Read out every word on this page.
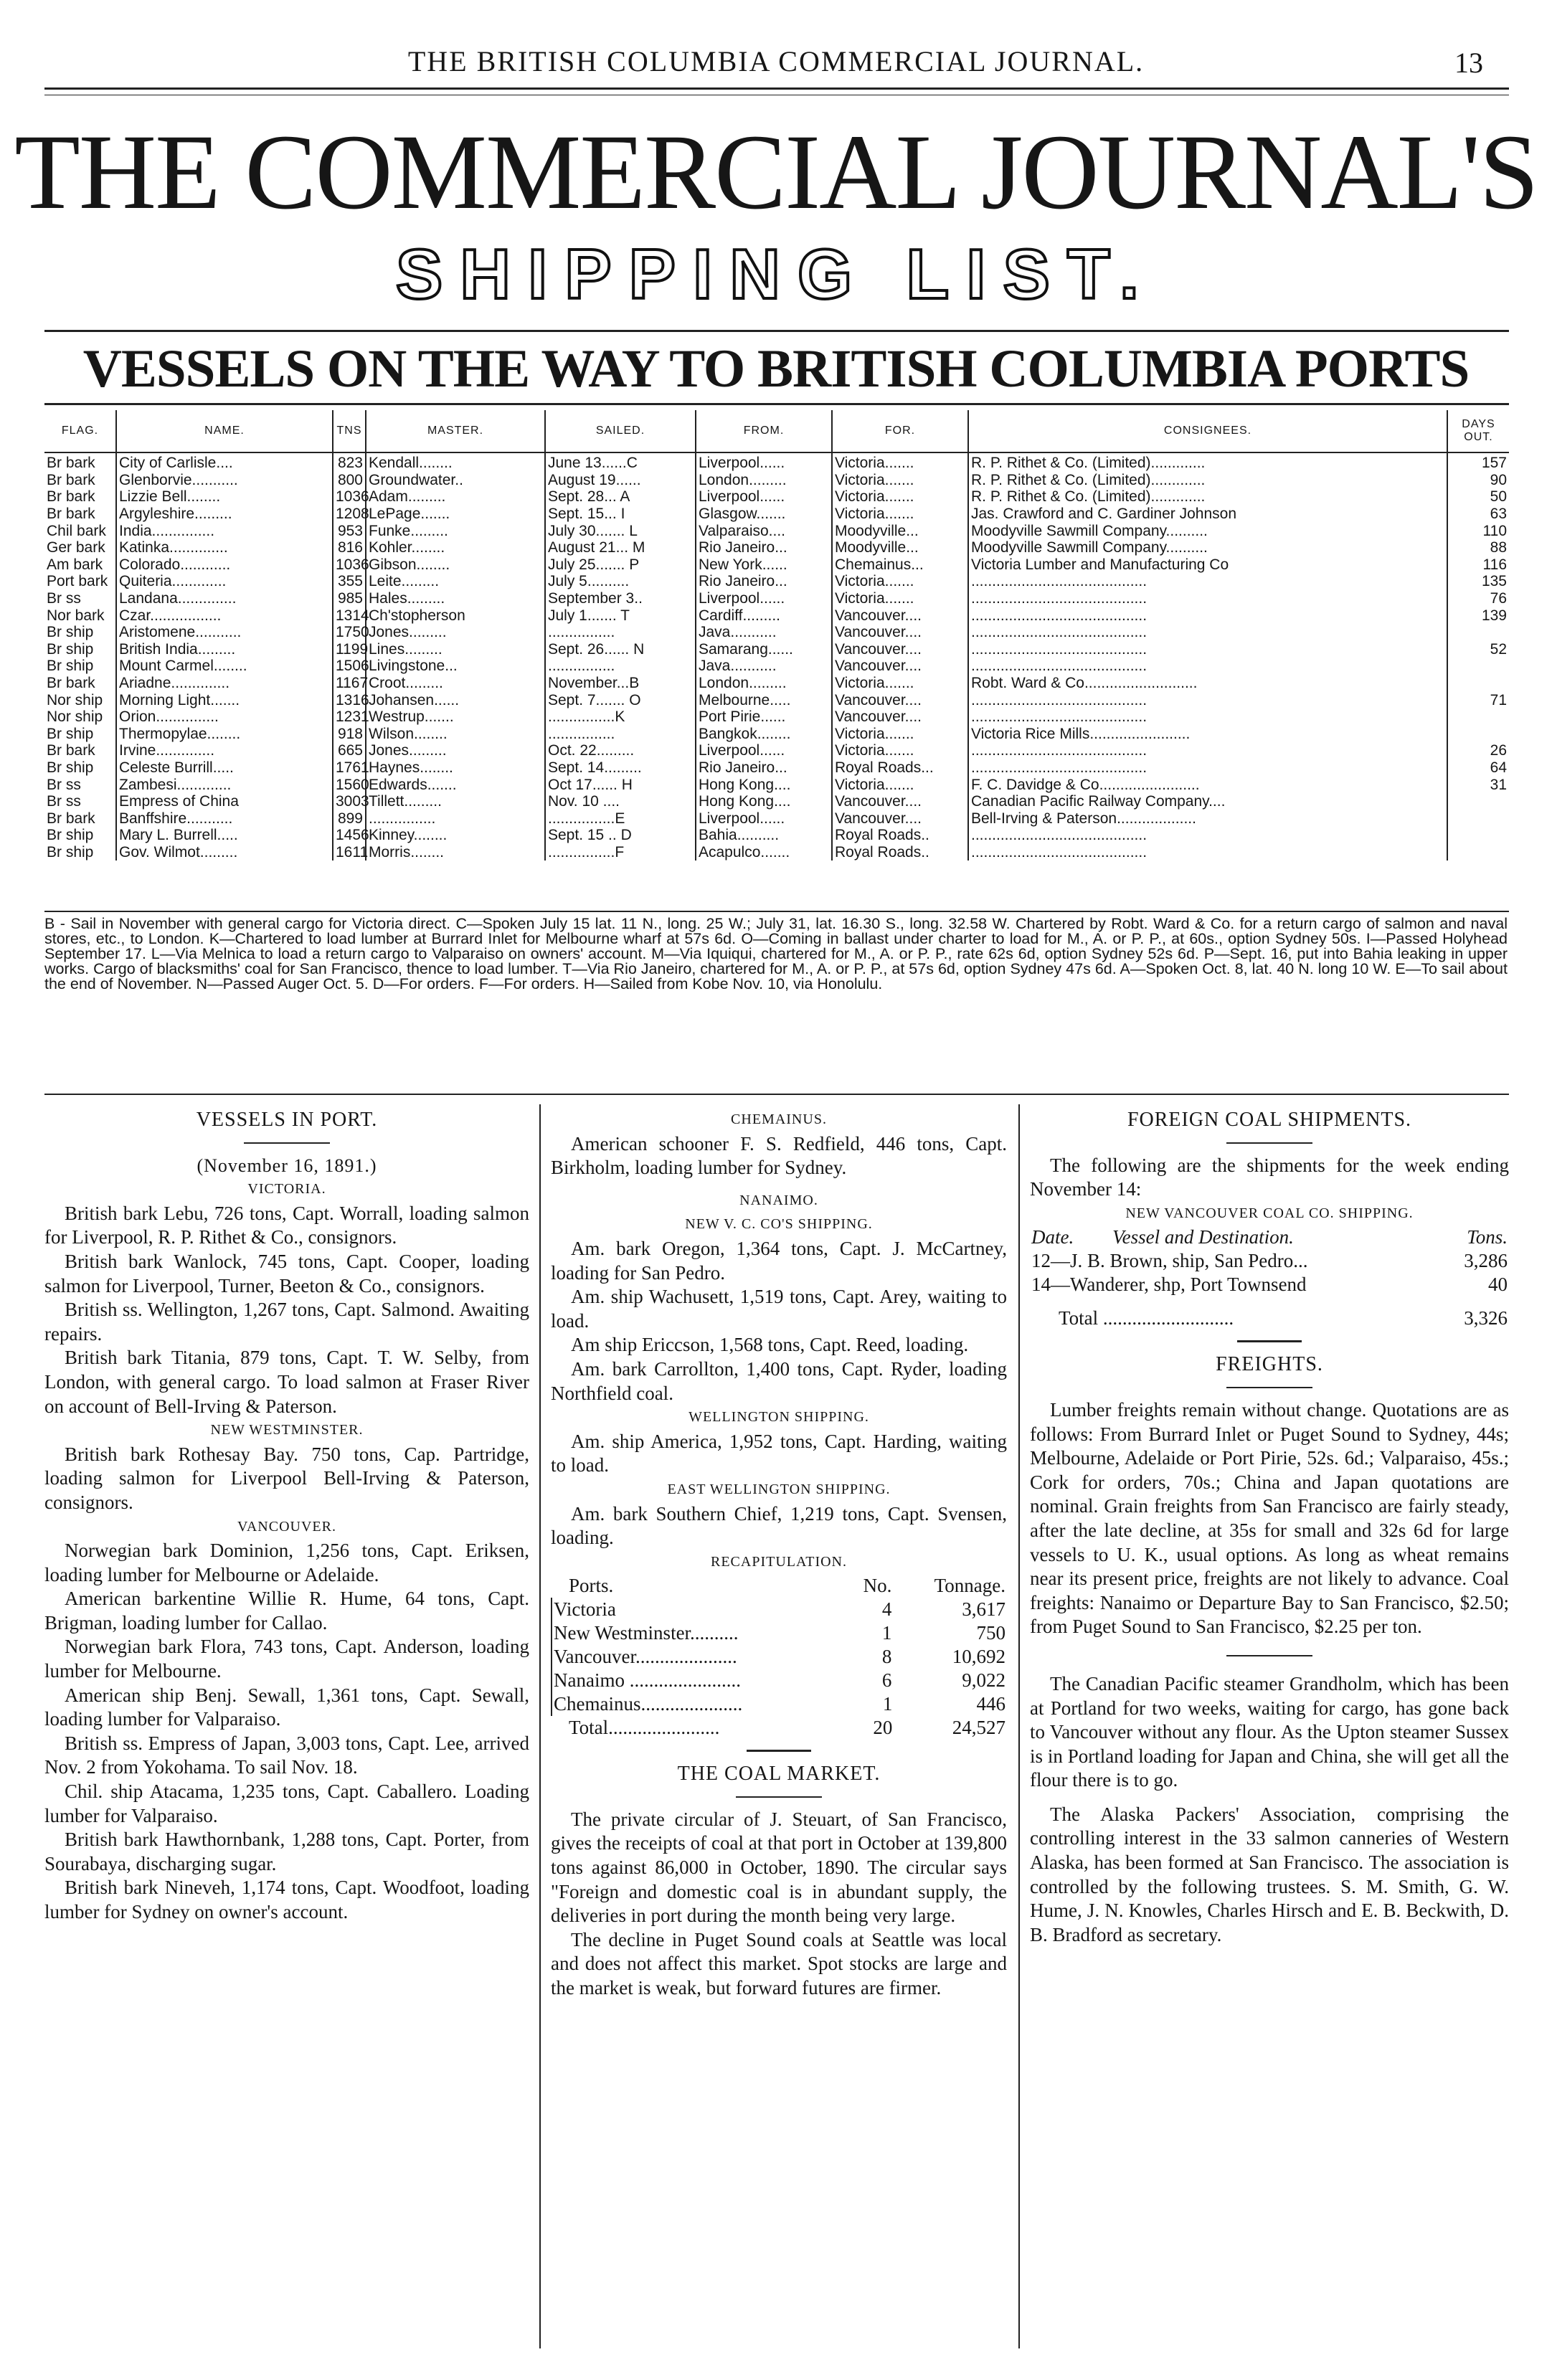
THE BRITISH COLUMBIA COMMERCIAL JOURNAL.	13
THE COMMERCIAL JOURNAL'S
SHIPPING LIST.
VESSELS ON THE WAY TO BRITISH COLUMBIA PORTS
FLAG.	NAME.	TNS	MASTER.	SAILED.	FROM.	FOR.	CONSIGNEES.	DAYS OUT.
Br bark	City of Carlisle....	823	Kendall........	June 13......C	Liverpool......	Victoria.......	R. P. Rithet & Co. (Limited).............	157
Br bark	Glenborvie...........	800	Groundwater..	August 19......	London.........	Victoria.......	R. P. Rithet & Co. (Limited).............	90
Br bark	Lizzie Bell........	1036	Adam.........	Sept. 28... A	Liverpool......	Victoria.......	R. P. Rithet & Co. (Limited).............	50
Br bark	Argyleshire.........	1208	LePage.......	Sept. 15... I	Glasgow.......	Victoria.......	Jas. Crawford and C. Gardiner Johnson	63
Chil bark	India...............	953	Funke.........	July 30....... L	Valparaiso....	Moodyville...	Moodyville Sawmill Company..........	110
Ger bark	Katinka..............	816	Kohler........	August 21... M	Rio Janeiro...	Moodyville...	Moodyville Sawmill Company..........	88
Am bark	Colorado............	1036	Gibson........	July 25....... P	New York......	Chemainus...	Victoria Lumber and Manufacturing Co	116
Port bark	Quiteria.............	355	Leite.........	July 5..........	Rio Janeiro...	Victoria.......	..........................................	135
Br ss	Landana..............	985	Hales.........	September 3..	Liverpool......	Victoria.......	..........................................	76
Nor bark	Czar.................	1314	Ch'stopherson	July 1....... T	Cardiff.........	Vancouver....	..........................................	139
Br ship	Aristomene...........	1750	Jones.........	................	Java...........	Vancouver....	..........................................	
Br ship	British India.........	1199	Lines.........	Sept. 26...... N	Samarang......	Vancouver....	..........................................	52
Br ship	Mount Carmel........	1506	Livingstone...	................	Java...........	Vancouver....	..........................................	
Br bark	Ariadne..............	1167	Croot.........	November...B	London.........	Victoria.......	Robt. Ward & Co...........................	
Nor ship	Morning Light.......	1316	Johansen......	Sept. 7....... O	Melbourne.....	Vancouver....	..........................................	71
Nor ship	Orion...............	1231	Westrup.......	................K	Port Pirie......	Vancouver....	..........................................	
Br ship	Thermopylae........	918	Wilson........	................	Bangkok........	Victoria.......	Victoria Rice Mills........................	
Br bark	Irvine..............	665	Jones.........	Oct. 22.........	Liverpool......	Victoria.......	..........................................	26
Br ship	Celeste Burrill.....	1761	Haynes........	Sept. 14.........	Rio Janeiro...	Royal Roads...	..........................................	64
Br ss	Zambesi.............	1560	Edwards.......	Oct 17...... H	Hong Kong....	Victoria.......	F. C. Davidge & Co........................	31
Br ss	Empress of China	3003	Tillett.........	Nov. 10 ....	Hong Kong....	Vancouver....	Canadian Pacific Railway Company....	
Br bark	Banffshire...........	899	................	................E	Liverpool......	Vancouver....	Bell-Irving & Paterson...................	
Br ship	Mary L. Burrell.....	1456	Kinney........	Sept. 15 .. D	Bahia..........	Royal Roads..	..........................................	
Br ship	Gov. Wilmot.........	1611	Morris........	................F	Acapulco.......	Royal Roads..	..........................................	
B - Sail in November with general cargo for Victoria direct. C—Spoken July 15 lat. 11 N., long. 25 W.; July 31, lat. 16.30 S., long. 32.58 W. Chartered by Robt. Ward & Co. for a return cargo of salmon and naval stores, etc., to London. K—Chartered to load lumber at Burrard Inlet for Melbourne wharf at 57s 6d. O—Coming in ballast under charter to load for M., A. or P. P., at 60s., option Sydney 50s. I—Passed Holyhead September 17. L—Via Melnica to load a return cargo to Valparaiso on owners' account. M—Via Iquiqui, chartered for M., A. or P. P., rate 62s 6d, option Sydney 52s 6d. P—Sept. 16, put into Bahia leaking in upper works. Cargo of blacksmiths' coal for San Francisco, thence to load lumber. T—Via Rio Janeiro, chartered for M., A. or P. P., at 57s 6d, option Sydney 47s 6d. A—Spoken Oct. 8, lat. 40 N. long 10 W. E—To sail about the end of November. N—Passed Auger Oct. 5. D—For orders. F—For orders. H—Sailed from Kobe Nov. 10, via Honolulu.

VESSELS IN PORT.

(November 16, 1891.)

VICTORIA.

British bark Lebu, 726 tons, Capt. Worrall, loading salmon for Liverpool, R. P. Rithet & Co., consignors.

British bark Wanlock, 745 tons, Capt. Cooper, loading salmon for Liverpool, Turner, Beeton & Co., consignors.

British ss. Wellington, 1,267 tons, Capt. Salmond. Awaiting repairs.

British bark Titania, 879 tons, Capt. T. W. Selby, from London, with general cargo. To load salmon at Fraser River on account of Bell-Irving & Paterson.

NEW WESTMINSTER.

British bark Rothesay Bay. 750 tons, Cap. Partridge, loading salmon for Liverpool Bell-Irving & Paterson, consignors.

VANCOUVER.

Norwegian bark Dominion, 1,256 tons, Capt. Eriksen, loading lumber for Melbourne or Adelaide.

American barkentine Willie R. Hume, 64 tons, Capt. Brigman, loading lumber for Callao.

Norwegian bark Flora, 743 tons, Capt. Anderson, loading lumber for Melbourne.

American ship Benj. Sewall, 1,361 tons, Capt. Sewall, loading lumber for Valparaiso.

British ss. Empress of Japan, 3,003 tons, Capt. Lee, arrived Nov. 2 from Yokohama. To sail Nov. 18.

Chil. ship Atacama, 1,235 tons, Capt. Caballero. Loading lumber for Valparaiso.

British bark Hawthornbank, 1,288 tons, Capt. Porter, from Sourabaya, discharging sugar.

British bark Nineveh, 1,174 tons, Capt. Woodfoot, loading lumber for Sydney on owner's account.

CHEMAINUS.

American schooner F. S. Redfield, 446 tons, Capt. Birkholm, loading lumber for Sydney.

NANAIMO.

NEW V. C. CO'S SHIPPING.

Am. bark Oregon, 1,364 tons, Capt. J. McCartney, loading for San Pedro.

Am. ship Wachusett, 1,519 tons, Capt. Arey, waiting to load.

Am ship Ericcson, 1,568 tons, Capt. Reed, loading.

Am. bark Carrollton, 1,400 tons, Capt. Ryder, loading Northfield coal.

WELLINGTON SHIPPING.

Am. ship America, 1,952 tons, Capt. Harding, waiting to load.

EAST WELLINGTON SHIPPING.

Am. bark Southern Chief, 1,219 tons, Capt. Svensen, loading.

RECAPITULATION.

Ports.	No.	Tonnage.
Victoria	4	3,617
New Westminster..........	1	750
Vancouver.....................	8	10,692
Nanaimo .......................	6	9,022
Chemainus.....................	1	446
Total.......................	20	24,527

THE COAL MARKET.

The private circular of J. Steuart, of San Francisco, gives the receipts of coal at that port in October at 139,800 tons against 86,000 in October, 1890. The circular says "Foreign and domestic coal is in abundant supply, the deliveries in port during the month being very large.

The decline in Puget Sound coals at Seattle was local and does not affect this market. Spot stocks are large and the market is weak, but forward futures are firmer.

FOREIGN COAL SHIPMENTS.

The following are the shipments for the week ending November 14:

NEW VANCOUVER COAL CO. SHIPPING.

Date.	Vessel and Destination.	Tons.
12—J. B. Brown, ship, San Pedro...		3,286
14—Wanderer, shp, Port Townsend		40
Total ...........................	3,326

FREIGHTS.

Lumber freights remain without change. Quotations are as follows: From Burrard Inlet or Puget Sound to Sydney, 44s; Melbourne, Adelaide or Port Pirie, 52s. 6d.; Valparaiso, 45s.; Cork for orders, 70s.; China and Japan quotations are nominal. Grain freights from San Francisco are fairly steady, after the late decline, at 35s for small and 32s 6d for large vessels to U. K., usual options. As long as wheat remains near its present price, freights are not likely to advance. Coal freights: Nanaimo or Departure Bay to San Francisco, $2.50; from Puget Sound to San Francisco, $2.25 per ton.

The Canadian Pacific steamer Grandholm, which has been at Portland for two weeks, waiting for cargo, has gone back to Vancouver without any flour. As the Upton steamer Sussex is in Portland loading for Japan and China, she will get all the flour there is to go.

The Alaska Packers' Association, comprising the controlling interest in the 33 salmon canneries of Western Alaska, has been formed at San Francisco. The association is controlled by the following trustees. S. M. Smith, G. W. Hume, J. N. Knowles, Charles Hirsch and E. B. Beckwith, D. B. Bradford as secretary.
